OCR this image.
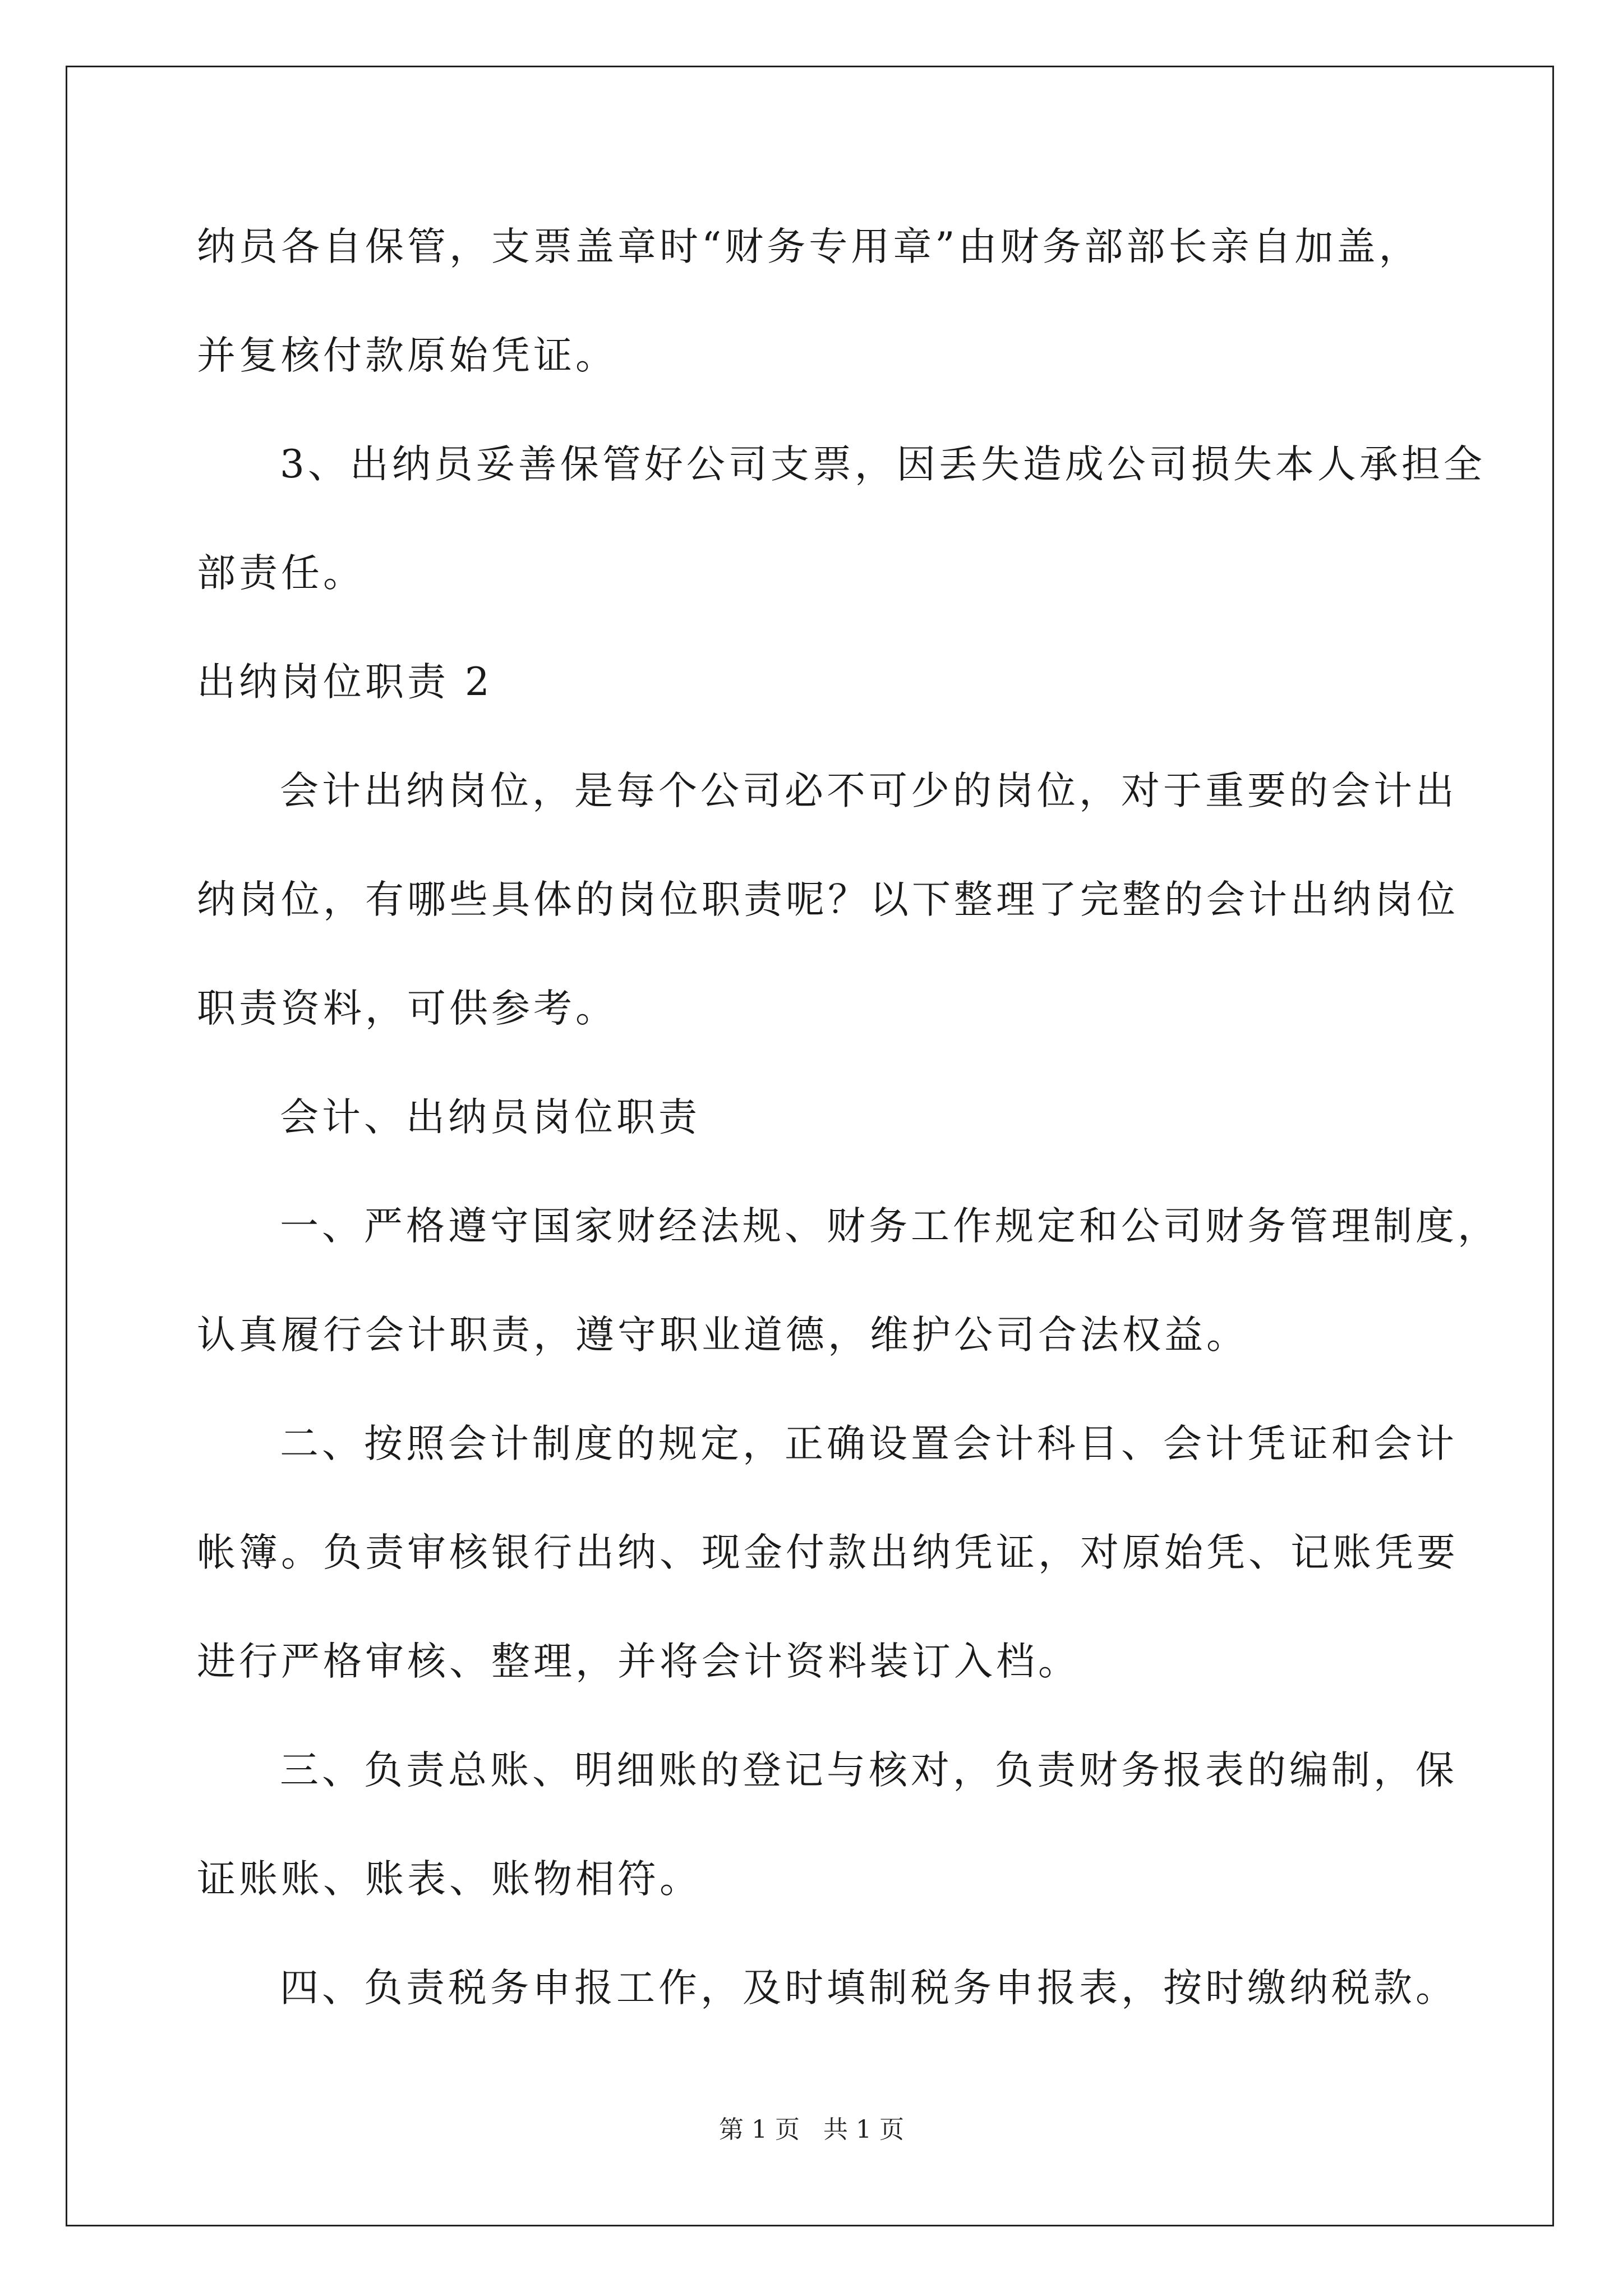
纳员各自保管，支票盖章时“财务专用章”由财务部部长亲自加盖，
并复核付款原始凭证。
3、出纳员妥善保管好公司支票，因丢失造成公司损失本人承担全
部责任。
出纳岗位职责 2
会计出纳岗位，是每个公司必不可少的岗位，对于重要的会计出
纳岗位，有哪些具体的岗位职责呢？以下整理了完整的会计出纳岗位
职责资料，可供参考。
会计、出纳员岗位职责
一、严格遵守国家财经法规、财务工作规定和公司财务管理制度，
认真履行会计职责，遵守职业道德，维护公司合法权益。
二、按照会计制度的规定，正确设置会计科目、会计凭证和会计
帐簿。负责审核银行出纳、现金付款出纳凭证，对原始凭、记账凭要
进行严格审核、整理，并将会计资料装订入档。
三、负责总账、明细账的登记与核对，负责财务报表的编制，保
证账账、账表、账物相符。
四、负责税务申报工作，及时填制税务申报表，按时缴纳税款。
第 1 页 共 1 页
